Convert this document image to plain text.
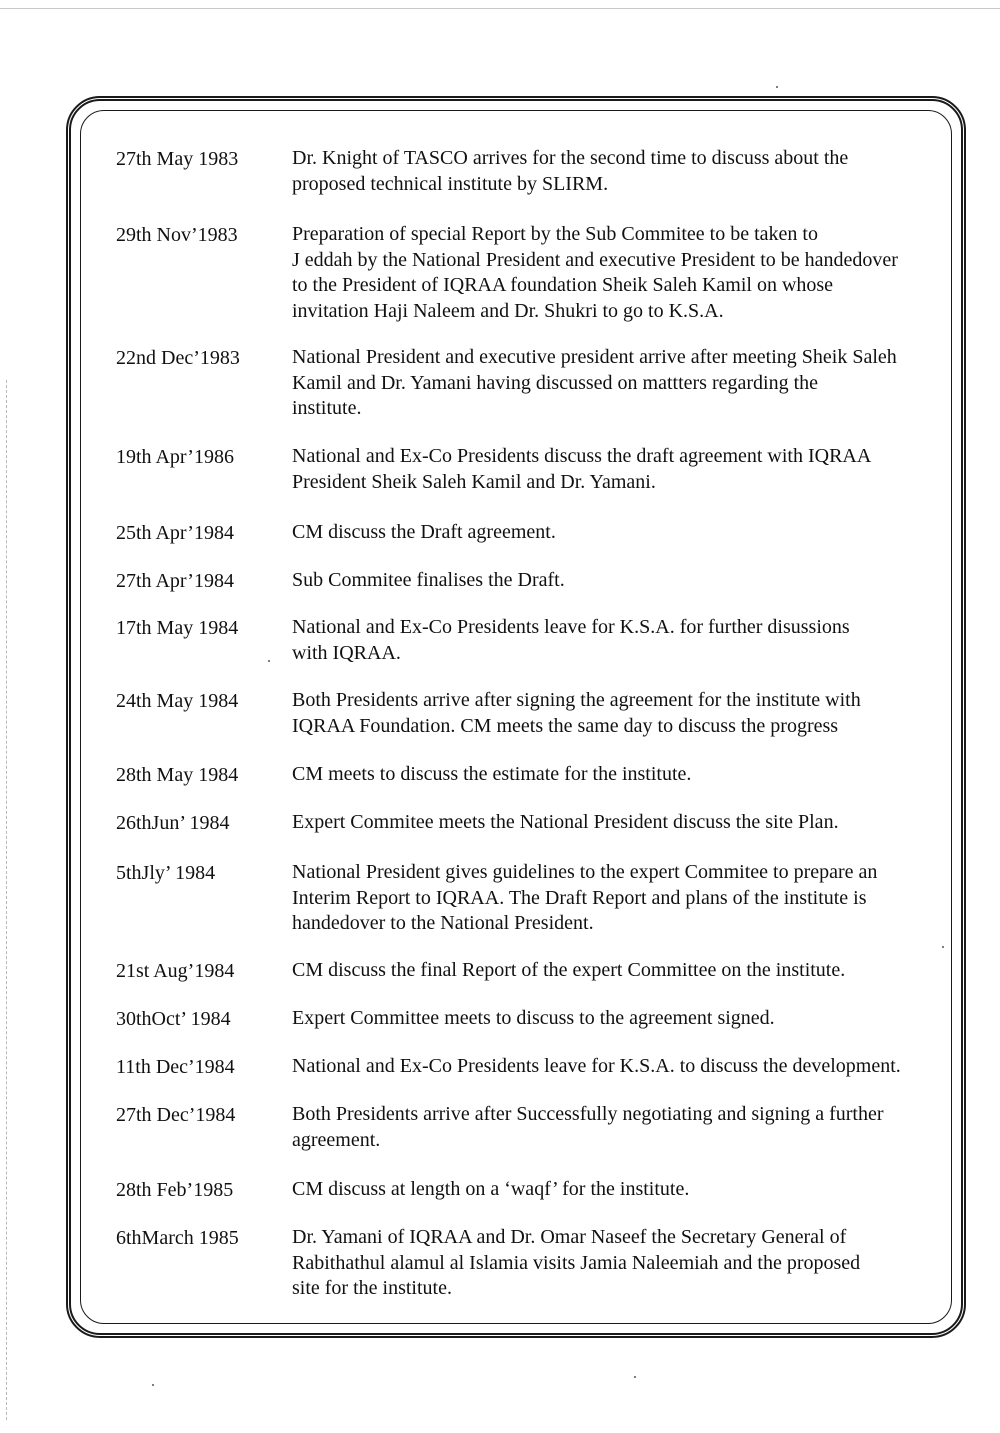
27th May 1983	Dr. Knight of TASCO arrives for the second time to discuss about the
proposed technical institute by SLIRM.
29th Nov’1983	Preparation of special Report by the Sub Commitee to be taken to
J eddah by the National President and executive President to be handedover
to the President of IQRAA foundation Sheik Saleh Kamil on whose
invitation Haji Naleem and Dr. Shukri to go to K.S.A.
22nd Dec’1983	National President and executive president arrive after meeting Sheik Saleh
Kamil and Dr. Yamani having discussed on mattters regarding the
institute.
19th Apr’1986	National and Ex-Co Presidents discuss the draft agreement with IQRAA
President Sheik Saleh Kamil and Dr. Yamani.
25th Apr’1984	CM discuss the Draft agreement.
27th Apr’1984	Sub Commitee finalises the Draft.
17th May 1984	National and Ex-Co Presidents leave for K.S.A. for further disussions
with IQRAA.
24th May 1984	Both Presidents arrive after signing the agreement for the institute with
IQRAA Foundation. CM meets the same day to discuss the progress
28th May 1984	CM meets to discuss the estimate for the institute.
26thJun’ 1984	Expert Commitee meets the National President discuss the site Plan.
5thJly’ 1984	National President gives guidelines to the expert Commitee to prepare an
Interim Report to IQRAA. The Draft Report and plans of the institute is
handedover to the National President.
21st Aug’1984	CM discuss the final Report of the expert Committee on the institute.
30thOct’ 1984	Expert Committee meets to discuss to the agreement signed.
11th Dec’1984	National and Ex-Co Presidents leave for K.S.A. to discuss the development.
27th Dec’1984	Both Presidents arrive after Successfully negotiating and signing a further
agreement.
28th Feb’1985	CM discuss at length on a ‘waqf’ for the institute.
6thMarch 1985	Dr. Yamani of IQRAA and Dr. Omar Naseef the Secretary General of
Rabithathul alamul al Islamia visits Jamia Naleemiah and the proposed
site for the institute.
